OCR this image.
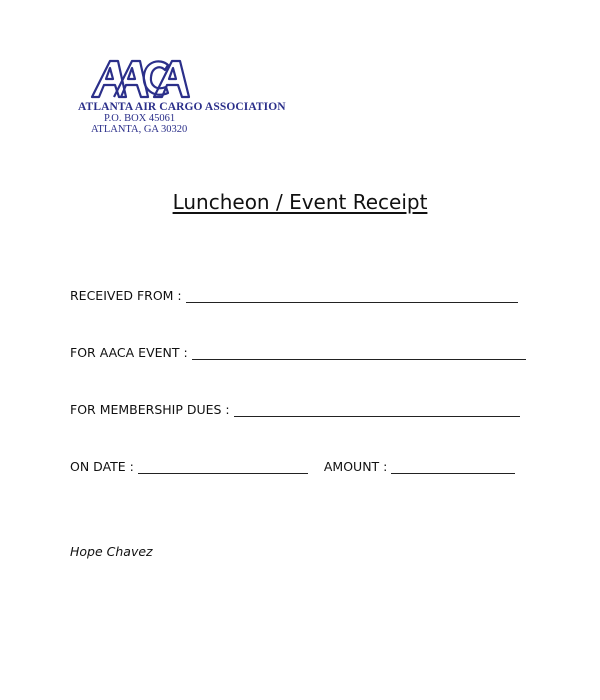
ATLANTA AIR CARGO ASSOCIATION
P.O. BOX 45061
ATLANTA, GA 30320
Luncheon / Event Receipt
RECEIVED FROM :
FOR AACA EVENT :
FOR MEMBERSHIP DUES :
ON DATE :	AMOUNT :
Hope Chavez
